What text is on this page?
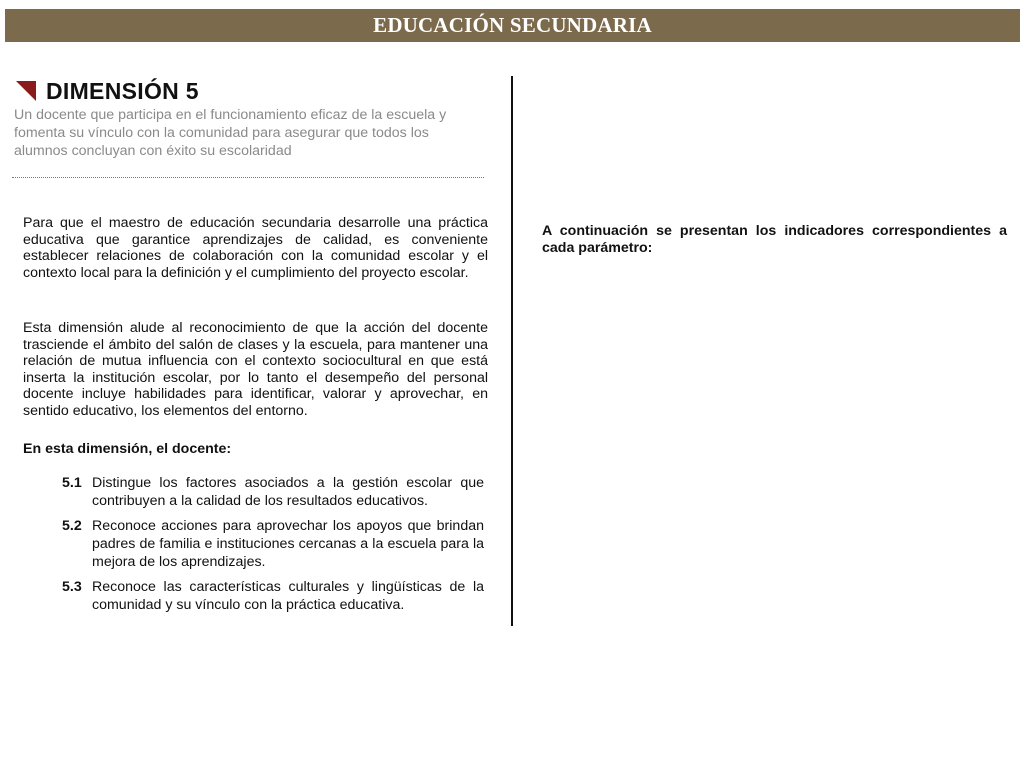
EDUCACIÓN SECUNDARIA
DIMENSIÓN 5

Un docente que participa en el funcionamiento eficaz de la escuela y fomenta su vínculo con la comunidad para asegurar que todos los alumnos concluyan con éxito su escolaridad

Para que el maestro de educación secundaria desarrolle una práctica educativa que garantice aprendizajes de calidad, es conveniente establecer relaciones de colaboración con la comunidad escolar y el contexto local para la definición y el cumplimiento del proyecto escolar.

Esta dimensión alude al reconocimiento de que la acción del docente trasciende el ámbito del salón de clases y la escuela, para mantener una relación de mutua influencia con el contexto sociocultural en que está inserta la institución escolar, por lo tanto el desempeño del personal docente incluye habilidades para identificar, valorar y aprovechar, en sentido educativo, los elementos del entorno.

En esta dimensión, el docente:

5.1 Distingue los factores asociados a la gestión escolar que contribuyen a la calidad de los resultados educativos.
5.2 Reconoce acciones para aprovechar los apoyos que brindan padres de familia e instituciones cercanas a la escuela para la mejora de los aprendizajes.
5.3 Reconoce las características culturales y lingüísticas de la comunidad y su vínculo con la práctica educativa.

A continuación se presentan los indicadores correspondientes a cada parámetro:
